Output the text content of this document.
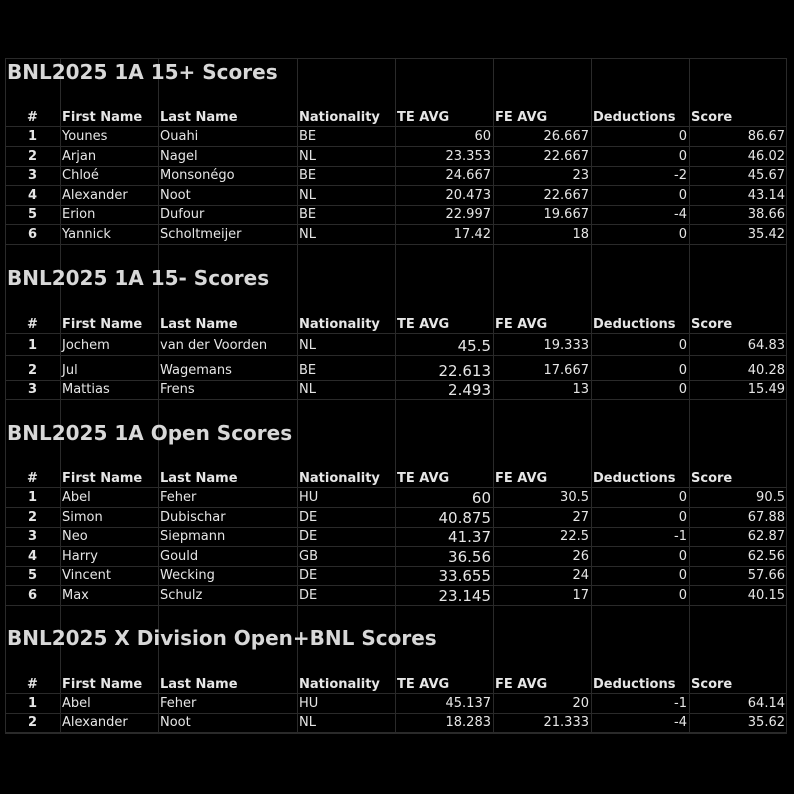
BNL2025 1A 15+ Scores
#	First Name	Last Name	Nationality	TE AVG	FE AVG	Deductions	Score
1	Younes	Ouahi	BE	60	26.667	0	86.67
2	Arjan	Nagel	NL	23.353	22.667	0	46.02
3	Chloé	Monsonégo	BE	24.667	23	-2	45.67
4	Alexander	Noot	NL	20.473	22.667	0	43.14
5	Erion	Dufour	BE	22.997	19.667	-4	38.66
6	Yannick	Scholtmeijer	NL	17.42	18	0	35.42
BNL2025 1A 15- Scores
#	First Name	Last Name	Nationality	TE AVG	FE AVG	Deductions	Score
1	Jochem	van der Voorden	NL	45.5	19.333	0	64.83
2	Jul	Wagemans	BE	22.613	17.667	0	40.28
3	Mattias	Frens	NL	2.493	13	0	15.49
BNL2025 1A Open Scores
#	First Name	Last Name	Nationality	TE AVG	FE AVG	Deductions	Score
1	Abel	Feher	HU	60	30.5	0	90.5
2	Simon	Dubischar	DE	40.875	27	0	67.88
3	Neo	Siepmann	DE	41.37	22.5	-1	62.87
4	Harry	Gould	GB	36.56	26	0	62.56
5	Vincent	Wecking	DE	33.655	24	0	57.66
6	Max	Schulz	DE	23.145	17	0	40.15
BNL2025 X Division Open+BNL Scores
#	First Name	Last Name	Nationality	TE AVG	FE AVG	Deductions	Score
1	Abel	Feher	HU	45.137	20	-1	64.14
2	Alexander	Noot	NL	18.283	21.333	-4	35.62
